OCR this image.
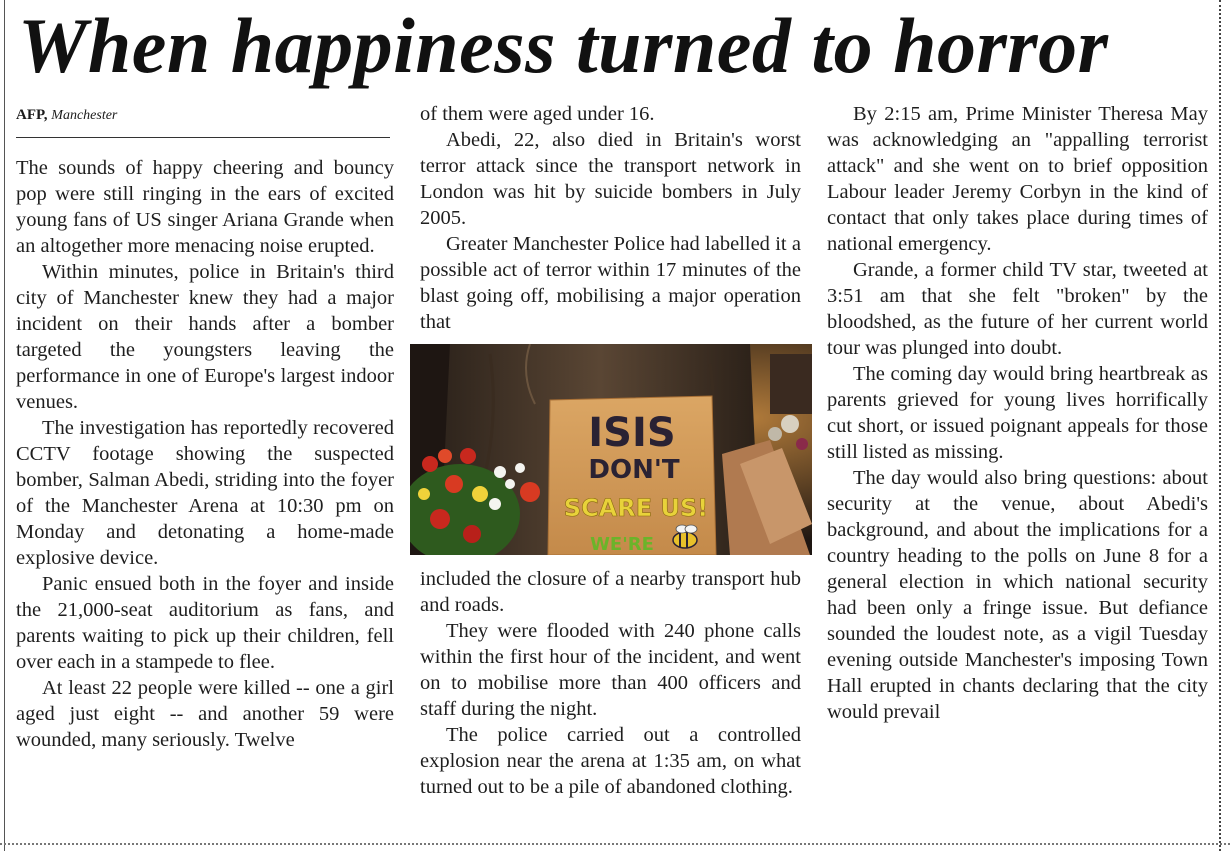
When happiness turned to horror
AFP, Manchester

The sounds of happy cheering and bouncy pop were still ringing in the ears of excited young fans of US singer Ariana Grande when an altogether more menacing noise erupted.

Within minutes, police in Britain's third city of Manchester knew they had a major incident on their hands after a bomber targeted the youngsters leaving the performance in one of Europe's largest indoor venues.

The investigation has reportedly recovered CCTV footage showing the suspected bomber, Salman Abedi, striding into the foyer of the Manchester Arena at 10:30 pm on Monday and detonating a home-made explosive device.

Panic ensued both in the foyer and inside the 21,000-seat auditorium as fans, and parents waiting to pick up their children, fell over each in a stampede to flee.

At least 22 people were killed -- one a girl aged just eight -- and another 59 were wounded, many seriously. Twelve

of them were aged under 16.

Abedi, 22, also died in Britain's worst terror attack since the transport network in London was hit by suicide bombers in July 2005.

Greater Manchester Police had labelled it a possible act of terror within 17 minutes of the blast going off, mobilising a major operation that

ISIS
DON'T
SCARE US!
WE'RE

included the closure of a nearby transport hub and roads.

They were flooded with 240 phone calls within the first hour of the incident, and went on to mobilise more than 400 officers and staff during the night.

The police carried out a controlled explosion near the arena at 1:35 am, on what turned out to be a pile of abandoned clothing.

By 2:15 am, Prime Minister Theresa May was acknowledging an "appalling terrorist attack" and she went on to brief opposition Labour leader Jeremy Corbyn in the kind of contact that only takes place during times of national emergency.

Grande, a former child TV star, tweeted at 3:51 am that she felt "broken" by the bloodshed, as the future of her current world tour was plunged into doubt.

The coming day would bring heartbreak as parents grieved for young lives horrifically cut short, or issued poignant appeals for those still listed as missing.

The day would also bring questions: about security at the venue, about Abedi's background, and about the implications for a country heading to the polls on June 8 for a general election in which national security had been only a fringe issue. But defiance sounded the loudest note, as a vigil Tuesday evening outside Manchester's imposing Town Hall erupted in chants declaring that the city would prevail
